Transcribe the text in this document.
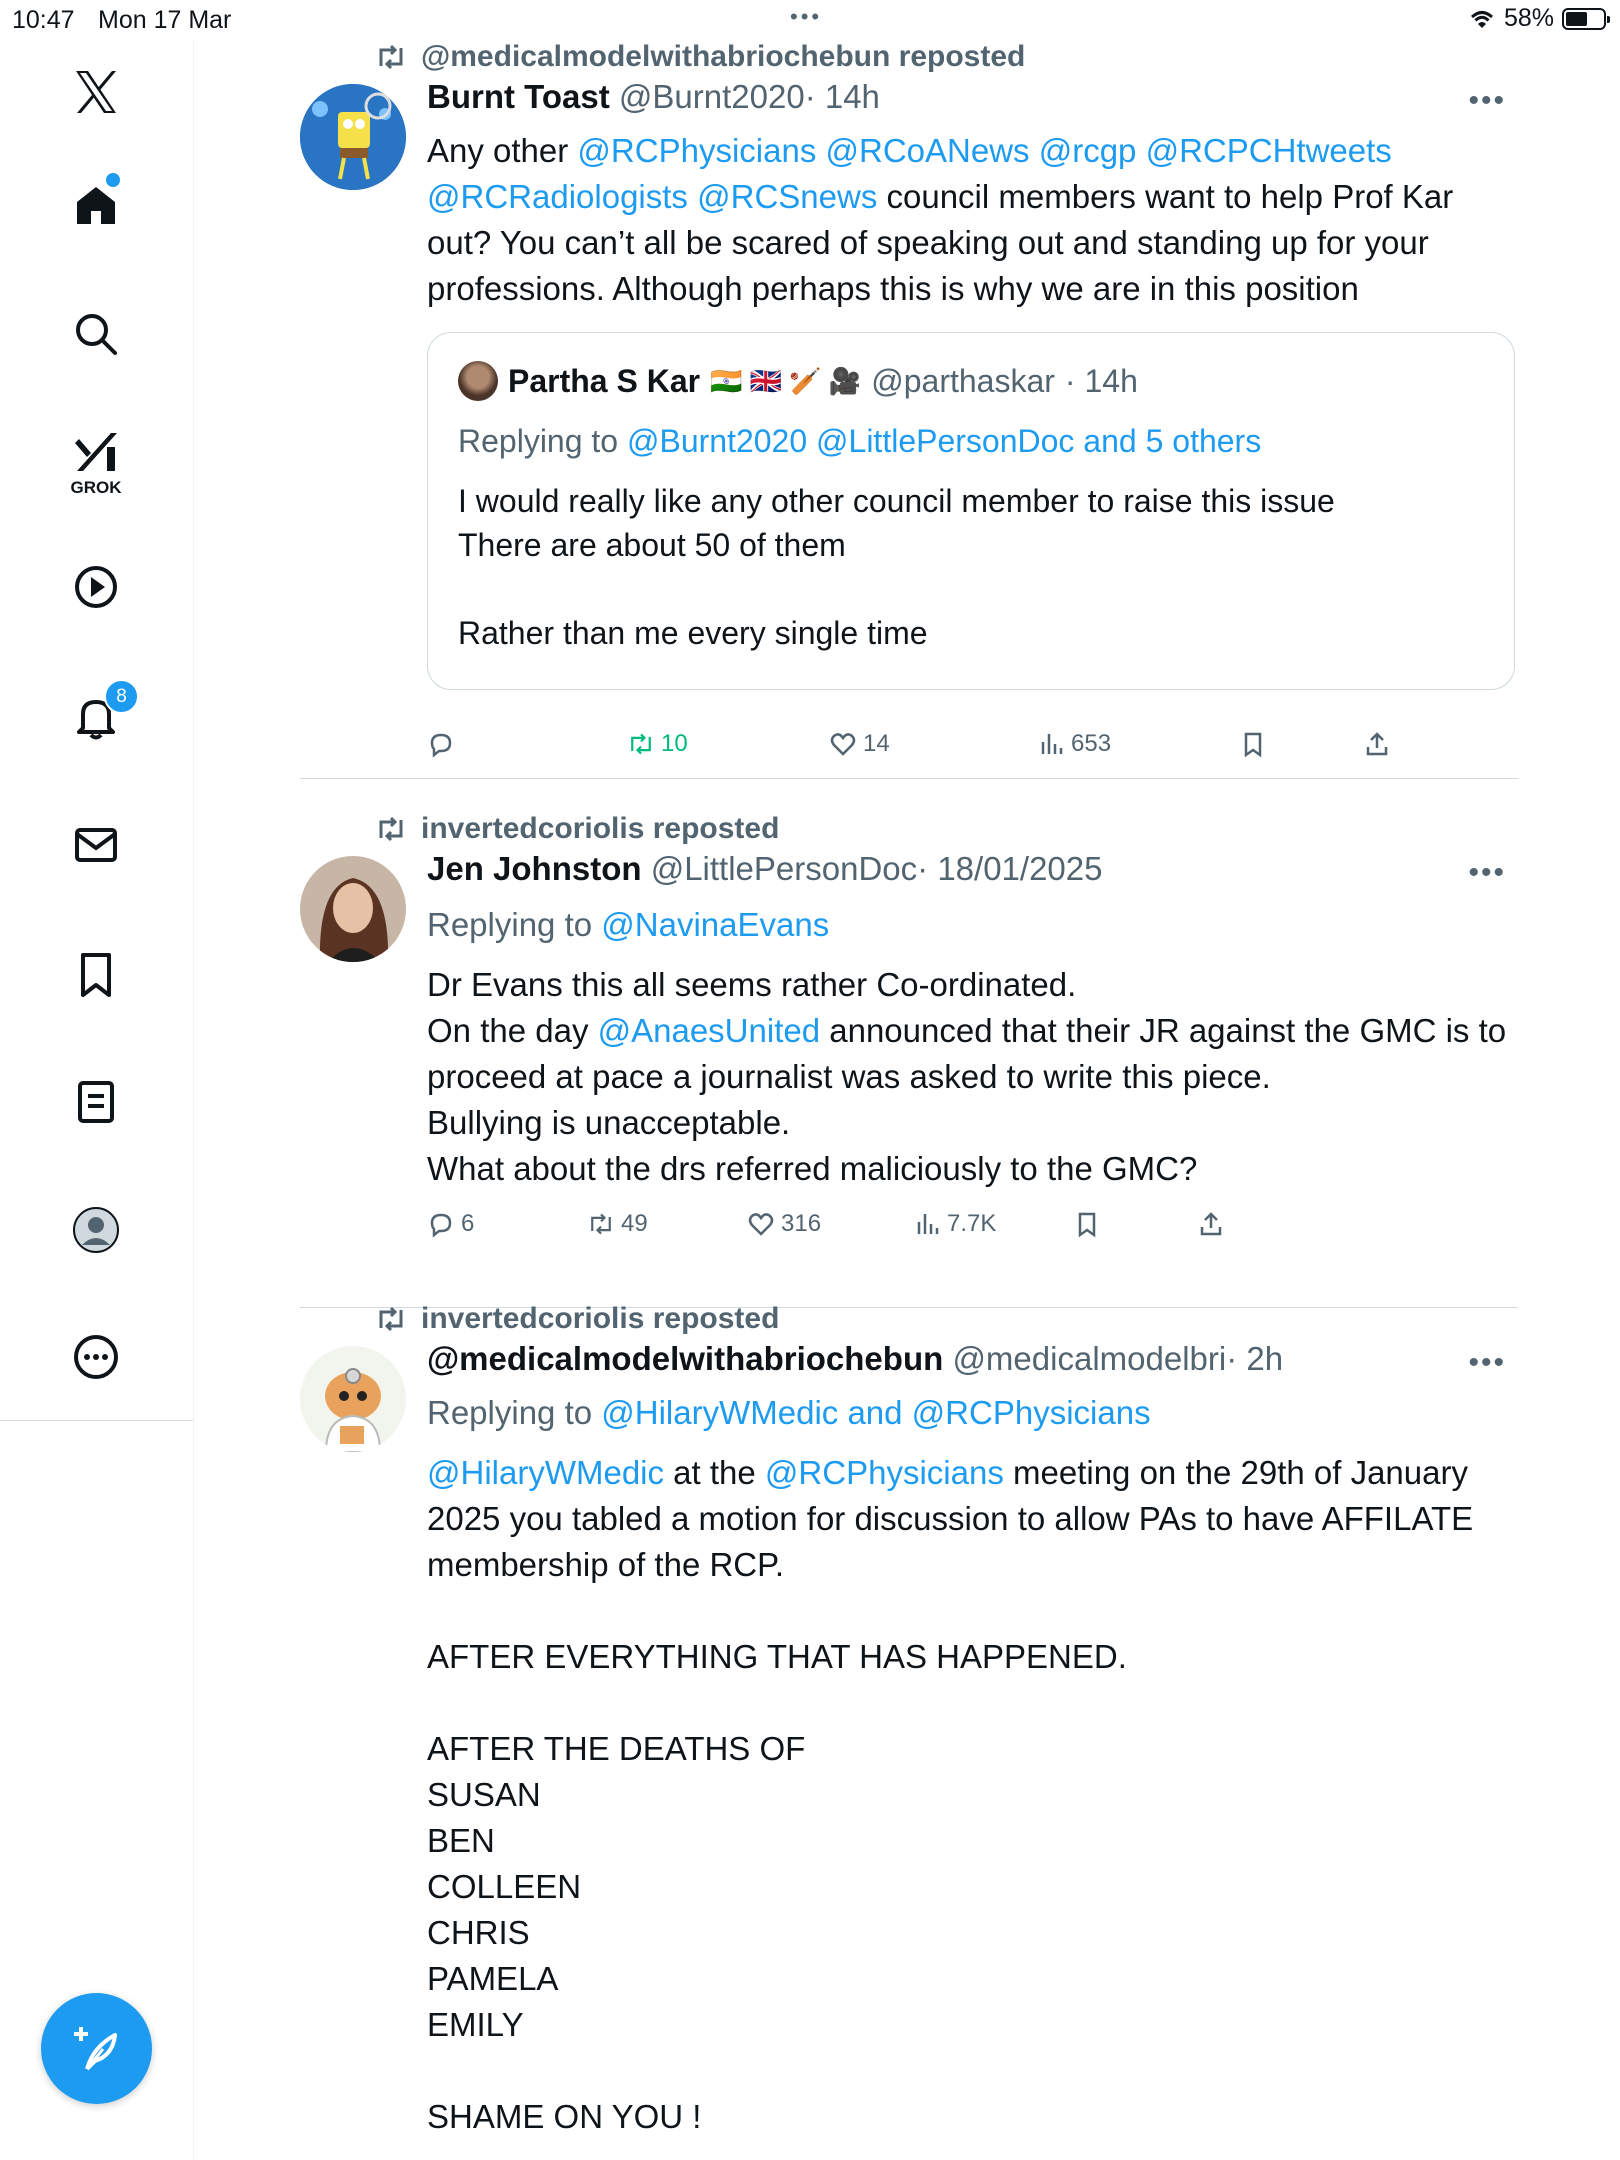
10:47 Mon 17 Mar	•••	58%
GROK
8
@medicalmodelwithabriochebun reposted
Burnt Toast @Burnt2020· 14h	•••
Any other @RCPhysicians @RCoANews @rcgp @RCPCHtweets @RCRadiologists @RCSnews council members want to help Prof Kar out? You can’t all be scared of speaking out and standing up for your professions. Although perhaps this is why we are in this position
Partha S Kar 🇮🇳 🇬🇧 🏏 🎥 @parthaskar · 14h
Replying to @Burnt2020 @LittlePersonDoc and 5 others
I would really like any other council member to raise this issue
There are about 50 of them
Rather than me every single time
10	14	653
invertedcoriolis reposted
Jen Johnston @LittlePersonDoc· 18/01/2025	•••
Replying to @NavinaEvans
Dr Evans this all seems rather Co-ordinated.
On the day @AnaesUnited announced that their JR against the GMC is to proceed at pace a journalist was asked to write this piece.
Bullying is unacceptable.
What about the drs referred maliciously to the GMC?
6	49	316	7.7K
invertedcoriolis reposted
@medicalmodelwithabriochebun @medicalmodelbri· 2h	•••
Replying to @HilaryWMedic and @RCPhysicians
@HilaryWMedic at the @RCPhysicians meeting on the 29th of January 2025 you tabled a motion for discussion to allow PAs to have AFFILATE membership of the RCP.
AFTER EVERYTHING THAT HAS HAPPENED.
AFTER THE DEATHS OF
SUSAN
BEN
COLLEEN
CHRIS
PAMELA
EMILY
SHAME ON YOU !
